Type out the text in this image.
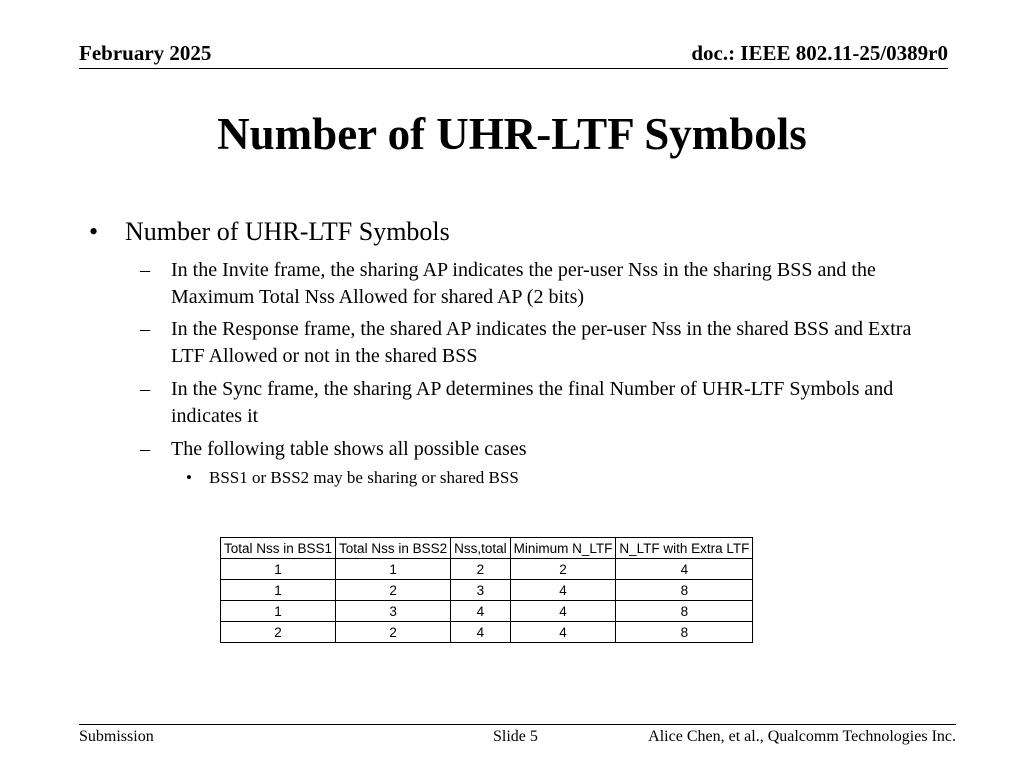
February 2025	doc.: IEEE 802.11-25/0389r0
Number of UHR-LTF Symbols
• Number of UHR-LTF Symbols
– In the Invite frame, the sharing AP indicates the per-user Nss in the sharing BSS and the Maximum Total Nss Allowed for shared AP (2 bits)
– In the Response frame, the shared AP indicates the per-user Nss in the shared BSS and Extra LTF Allowed or not in the shared BSS
– In the Sync frame, the sharing AP determines the final Number of UHR-LTF Symbols and indicates it
– The following table shows all possible cases
• BSS1 or BSS2 may be sharing or shared BSS
Total Nss in BSS1	Total Nss in BSS2	Nss,total	Minimum N_LTF	N_LTF with Extra LTF
1	1	2	2	4
1	2	3	4	8
1	3	4	4	8
2	2	4	4	8
Submission	Slide 5	Alice Chen, et al., Qualcomm Technologies Inc.
